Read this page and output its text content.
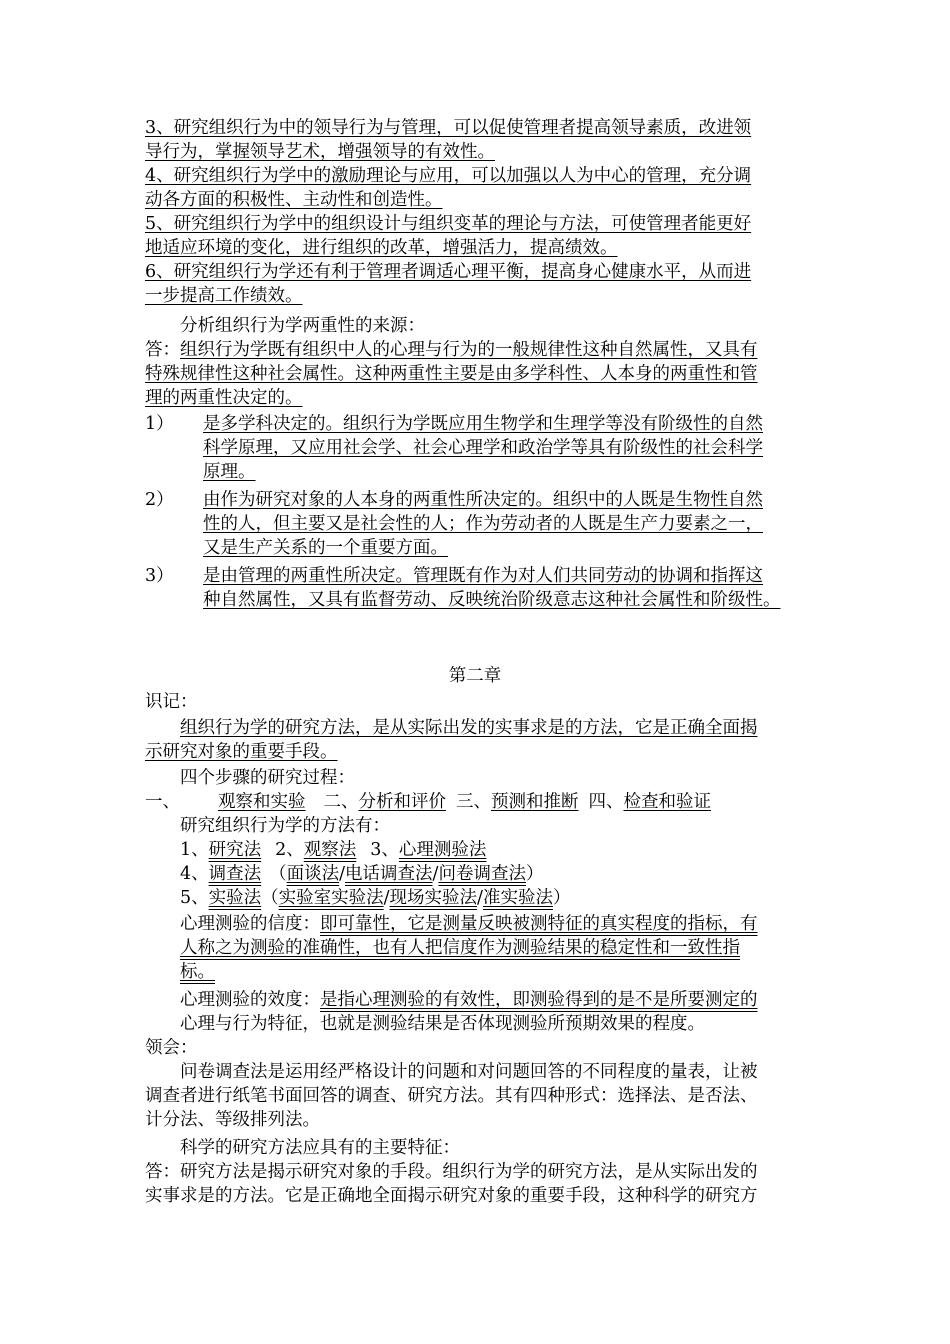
3、研究组织行为中的领导行为与管理，可以促使管理者提高领导素质，改进领
导行为，掌握领导艺术，增强领导的有效性。
4、研究组织行为学中的激励理论与应用，可以加强以人为中心的管理，充分调
动各方面的积极性、主动性和创造性。
5、研究组织行为学中的组织设计与组织变革的理论与方法，可使管理者能更好
地适应环境的变化，进行组织的改革，增强活力，提高绩效。
6、研究组织行为学还有利于管理者调适心理平衡，提高身心健康水平，从而进
一步提高工作绩效。
分析组织行为学两重性的来源：
答：组织行为学既有组织中人的心理与行为的一般规律性这种自然属性，又具有
特殊规律性这种社会属性。这种两重性主要是由多学科性、人本身的两重性和管
理的两重性决定的。
1） 是多学科决定的。组织行为学既应用生物学和生理学等没有阶级性的自然
科学原理，又应用社会学、社会心理学和政治学等具有阶级性的社会科学
原理。
2） 由作为研究对象的人本身的两重性所决定的。组织中的人既是生物性自然
性的人，但主要又是社会性的人；作为劳动者的人既是生产力要素之一，
又是生产关系的一个重要方面。
3） 是由管理的两重性所决定。管理既有作为对人们共同劳动的协调和指挥这
种自然属性，又具有监督劳动、反映统治阶级意志这种社会属性和阶级性。
第二章
识记：
组织行为学的研究方法，是从实际出发的实事求是的方法，它是正确全面揭
示研究对象的重要手段。
四个步骤的研究过程：
一、 观察和实验 二、分析和评价 三、预测和推断 四、检查和验证
研究组织行为学的方法有：
1、研究法 2、观察法 3、心理测验法
4、调查法 （面谈法/电话调查法/问卷调查法）
5、实验法（实验室实验法/现场实验法/准实验法）
心理测验的信度：即可靠性，它是测量反映被测特征的真实程度的指标，有
人称之为测验的准确性，也有人把信度作为测验结果的稳定性和一致性指
标。
心理测验的效度：是指心理测验的有效性，即测验得到的是不是所要测定的
心理与行为特征，也就是测验结果是否体现测验所预期效果的程度。
领会：
问卷调查法是运用经严格设计的问题和对问题回答的不同程度的量表，让被
调查者进行纸笔书面回答的调查、研究方法。其有四种形式：选择法、是否法、
计分法、等级排列法。
科学的研究方法应具有的主要特征：
答：研究方法是揭示研究对象的手段。组织行为学的研究方法，是从实际出发的
实事求是的方法。它是正确地全面揭示研究对象的重要手段，这种科学的研究方
